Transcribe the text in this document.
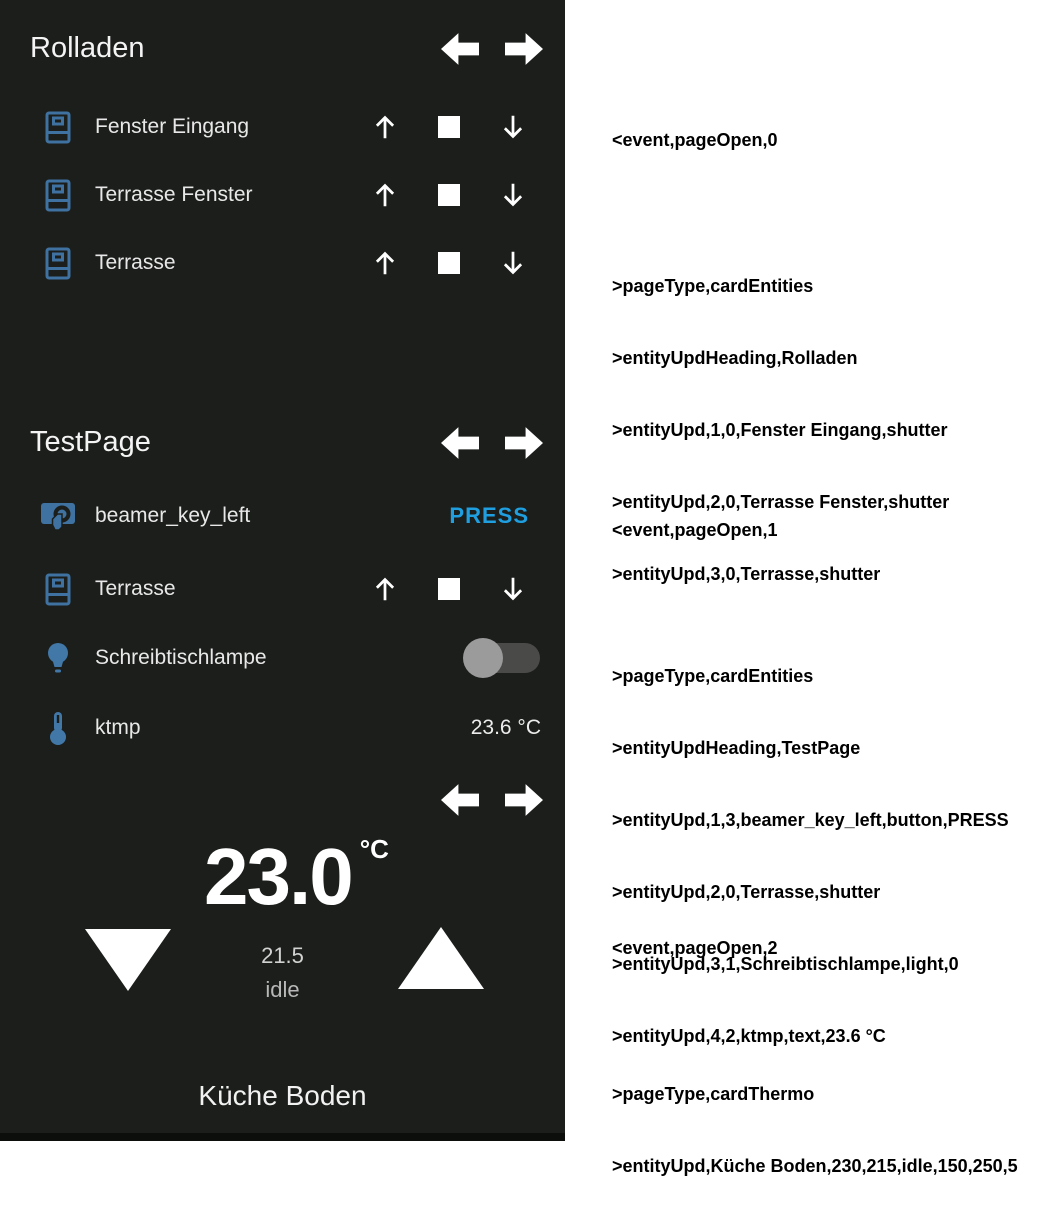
Rolladen
Fenster Eingang
Terrasse Fenster
Terrasse
TestPage
beamer_key_left	PRESS
Terrasse
Schreibtischlampe
ktmp	23.6 °C
23.0 $^{^\circ C}$
21.5
idle
Küche Boden

<event,pageOpen,0

>pageType,cardEntities

>entityUpdHeading,Rolladen

>entityUpd,1,0,Fenster Eingang,shutter

>entityUpd,2,0,Terrasse Fenster,shutter

>entityUpd,3,0,Terrasse,shutter

<event,pageOpen,1

>pageType,cardEntities

>entityUpdHeading,TestPage

>entityUpd,1,3,beamer_key_left,button,PRESS

>entityUpd,2,0,Terrasse,shutter

>entityUpd,3,1,Schreibtischlampe,light,0

>entityUpd,4,2,ktmp,text,23.6 °C

<event,pageOpen,2

>pageType,cardThermo

>entityUpd,Küche Boden,230,215,idle,150,250,5
